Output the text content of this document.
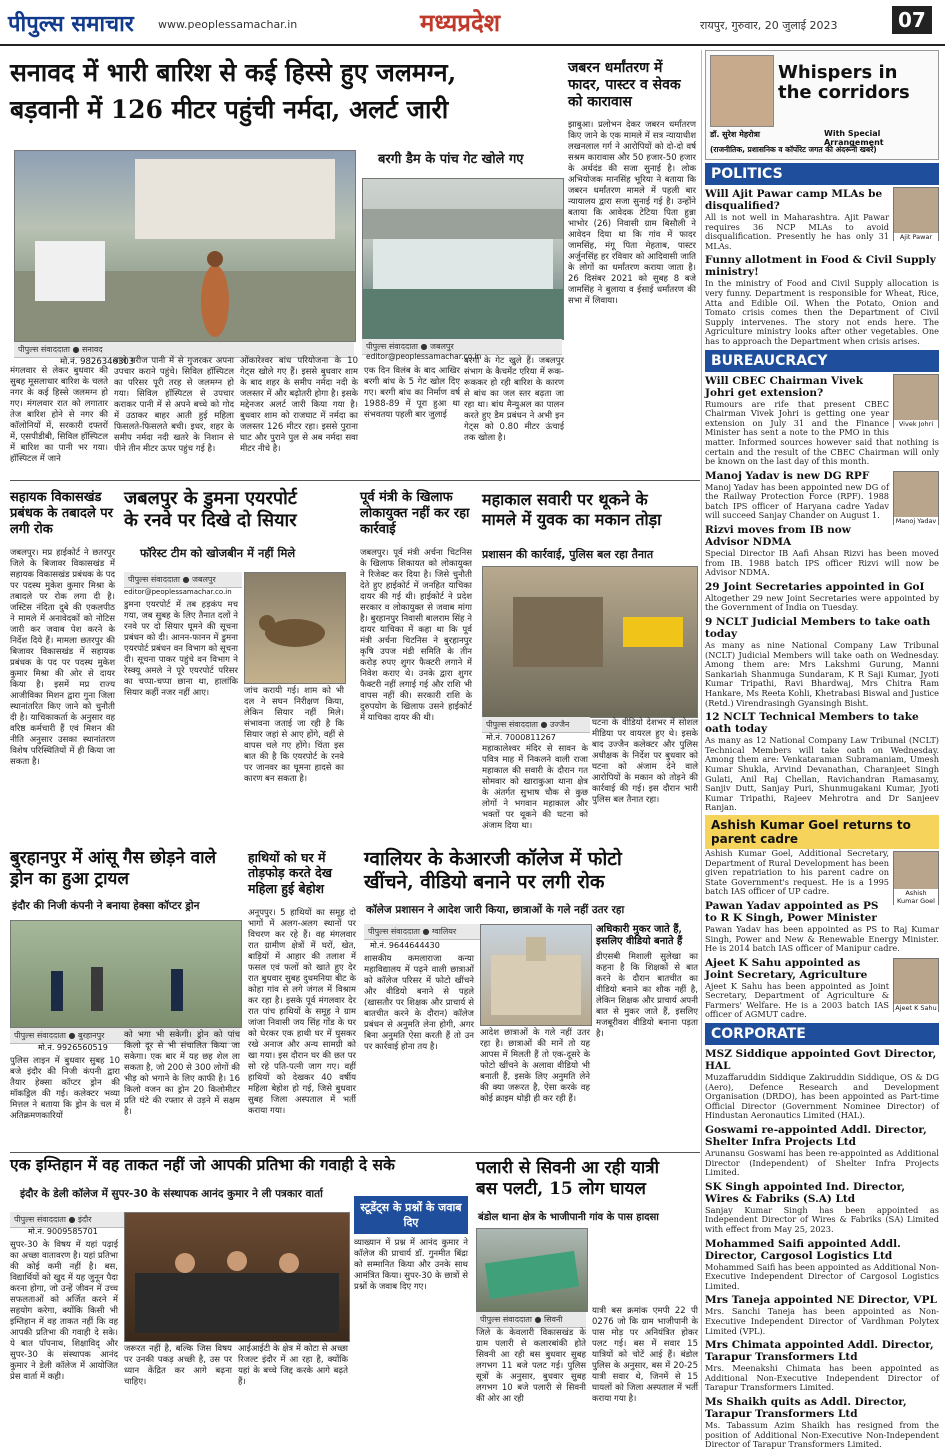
पीपुल्स समाचार www.peoplessamachar.in	मध्यप्रदेश	रायपुर, गुरुवार, 20 जुलाई 2023	07

सनावद में भारी बारिश से कई हिस्से हुए जलमग्न,

बड़वानी में 126 मीटर पहुंची नर्मदा, अलर्ट जारी

बरगी डैम के पांच गेट खोले गए
पीपुल्स संवाददाता ● सनावद
मो.नं. 9826346303
पीपुल्स संवाददाता ● जबलपुर
editor@peoplessamachar.co.in

मंगलवार से लेकर बुधवार की सुबह मूसलाधार बारिश के चलते नगर के कई हिस्से जलमग्न हो गए। मंगलवार रात को लगातार तेज बारिश होने से नगर की कॉलोनियों में, सरकारी दफ्तरों में, एसपीडीबी, सिविल हॉस्पिटल में बारिश का पानी भर गया। हॉस्पिटल में जाने

वाले मरीज पानी में से गुजरकर अपना उपचार कराने पहुंचे। सिविल हॉस्पिटल का परिसर पूरी तरह से जलमग्न हो गया। सिविल हॉस्पिटल से उपचार कराकर पानी में से अपने बच्चे को गोद में उठाकर बाहर आती हुई महिला फिसलते-फिसलते बची। इधर, शहर के समीप नर्मदा नदी खतरे के निशान से पीने तीन मीटर ऊपर पहुंच गई है।

ओंकारेश्वर बांध परियोजना के 10 गेट्स खोले गए हैं। इससे बुधवार शाम के बाद शहर के समीप नर्मदा नदी के जलस्तर में और बढ़ोतरी होगा है। इसके मद्देनजर अलर्ट जारी किया गया है। बुधवार शाम को राजघाट में नर्मदा का जलस्तर 126 मीटर रहा। इससे पुराना घाट और पुराने पुल से अब नर्मदा सवा मीटर नीचे है।

एक दिन विलंब के बाद आखिर बरगी बांध के 5 गेट खोल दिए गए। बरगी बांध का निर्माण वर्ष 1988-89 में पूरा हुआ था संभवतया पहली बार जुलाई

बरगी के गेट खुले हैं। जबलपुर संभाग के कैचमेंट एरिया में रूक-रूककर हो रही बारिश के कारण से बांध का जल स्तर बढ़ता जा रहा था। बांध मैन्युअल का पालन करते हुए डैम प्रबंधन ने अभी इन गेट्स को 0.80 मीटर ऊंचाई तक खोला है।

जबरन धर्मांतरण में फादर, पास्टर व सेवक को कारावास

झाबुआ। प्रलोभन देकर जबरन धर्मांतरण किए जाने के एक मामले में सत्र न्यायाधीश लखनलाल गर्ग ने आरोपियों को दो-दो वर्ष सश्रम कारावास और 50 हजार-50 हजार के अर्थदंड की सजा सुनाई है। लोक अभियोजक मानसिंह भूरिया ने बताया कि जबरन धर्मांतरण मामले में पहली बार न्यायालय द्वारा सजा सुनाई गई है। उन्होंने बताया कि आवेदक टेटिया पिता हुन्ना भाभोर (26) निवासी ग्राम बिसौली ने आवेदन दिया था कि गांव में फादर जामसिंह, मंगू पिता मेहताब, पास्टर अर्जुनसिंह हर रविवार को आदिवासी जाति के लोगों का धर्मांतरण कराया जाता है। 26 दिसंबर 2021 को सुबह 8 बजे जामसिंह ने बुलाया व ईसाई धर्मांतरण की सभा में लिवाया।

सहायक विकासखंड प्रबंधक के तबादले पर लगी रोक

जबलपुर। मप्र हाईकोर्ट ने छतरपुर जिले के बिजावर विकासखंड में सहायक विकासखंड प्रबंधक के पद पर पदस्थ मुकेश कुमार मिश्रा के तबादले पर रोक लगा दी है। जस्टिस नंदिता दुबे की एकलपीठ ने मामले में अनावेदकों को नोटिस जारी कर जवाब पेश करने के निर्देश दिये हैं। मामला छतरपुर की बिजावर विकासखंड में सहायक प्रबंधक के पद पर पदस्थ मुकेश कुमार मिश्रा की ओर से दायर किया है। इसमें मप्र राज्य आजीविका मिशन द्वारा गुना जिला स्थानांतरित किए जाने को चुनौती दी है। याचिकाकर्ता के अनुसार वह वरिष्ठ कर्मचारी हैं एवं मिशन की नीति अनुसार उसका स्थानांतरण विशेष परिस्थितियों में ही किया जा सकता है।

जबलपुर के डुमना एयरपोर्ट

के रनवे पर दिखे दो सियार

फॉरेस्ट टीम को खोजबीन में नहीं मिले
पीपुल्स संवाददाता ● जबलपुर
editor@peoplessamachar.co.in

डुमना एयरपोर्ट में तब हड़कंप मच गया, जब सुबह के लिए तैनात दलों ने रनवे पर दो सियार घूमने की सूचना प्रबंधन को दी। आनन-फानन में डुमना एयरपोर्ट प्रबंधन वन विभाग को सूचना दी। सूचना पाकर पहुंचे वन विभाग ने रेस्क्यू अमले ने पूरे एयरपोर्ट परिसर का चप्पा-चप्पा छाना था, हालांकि सियार कहीं नजर नहीं आए।	जांच करायी गई। शाम को भी दल ने सघन निरीक्षण किया, लेकिन सियार नहीं मिले। संभावना जताई जा रही है कि सियार जहां से आए होंगे, वहीं से वापस चले गए होंगे। चिंता इस बात की है कि एयरपोर्ट के रनवे पर जानवर का घूमना हादसे का कारण बन सकता है।

पूर्व मंत्री के खिलाफ लोकायुक्त नहीं कर रहा कार्रवाई

जबलपुर। पूर्व मंत्री अर्चना चिटनिस के खिलाफ शिकायत को लोकायुक्त ने रिजेक्ट कर दिया है। जिसे चुनौती देते हुए हाईकोर्ट में जनहित याचिका दायर की गई थी। हाईकोर्ट ने प्रदेश सरकार व लोकायुक्त से जवाब मांगा है। बुरहानपुर निवासी बालराम सिंह ने दायर याचिका में कहा था कि पूर्व मंत्री अर्चना चिटनिस ने बुरहानपुर कृषि उपज मंडी समिति के तीन करोड़ रुपए शुगर फैक्टरी लगाने में निवेश कराए थे। उनके द्वारा शुगर फैक्टरी नहीं लगाई गई और राशि भी वापस नहीं की। सरकारी राशि के दुरुपयोग के खिलाफ उसने हाईकोर्ट में याचिका दायर की थी।

महाकाल सवारी पर थूकने के

मामले में युवक का मकान तोड़ा

प्रशासन की कार्रवाई, पुलिस बल रहा तैनात
पीपुल्स संवाददाता ● उज्जैन
मो.नं. 7000811267

महाकालेश्वर मंदिर से सावन के पवित्र माह में निकलने वाली राजा महाकाल की सवारी के दौरान गत सोमवार को खाराकुआ थाना क्षेत्र के अंतर्गत सुभाष चौक से कुछ लोगों ने भगवान महाकाल और भक्तों पर थूकने की घटना को अंजाम दिया था।

घटना के वीडियो देशभर में सोशल मीडिया पर वायरल हुए थे। इसके बाद उज्जैन कलेक्टर और पुलिस अधीक्षक के निर्देश पर बुधवार को घटना को अंजाम देने वाले आरोपियों के मकान को तोड़ने की कार्रवाई की गई। इस दौरान भारी पुलिस बल तैनात रहा।

बुरहानपुर में आंसू गैस छोड़ने वाले ड्रोन का हुआ ट्रायल

इंदौर की निजी कंपनी ने बनाया हेक्सा कॉप्टर ड्रोन
पीपुल्स संवाददाता ● बुरहानपुर
मो.नं. 9926560519

पुलिस लाइन में बुधवार सुबह 10 बजे इंदौर की निजी कंपनी द्वारा तैयार हेक्सा कॉप्टर ड्रोन की मॉकड्रिल की गई। कलेक्टर भव्या मित्तल ने बताया कि ड्रोन के चल में अतिक्रमणकारियों

को भगा भी सकेगी। ड्रोन को पांच किलो दूर से भी संचालित किया जा सकेगा। एक बार में यह छह शेल ला सकता है, जो 200 से 300 लोगों की भीड़ को भगाने के लिए काफी है। 16 किलो वजन का ड्रोन 20 किलोमीटर प्रति घंटे की रफ्तार से उड़ने में सक्षम है।

हाथियों को घर में तोड़फोड़ करते देख महिला हुई बेहोश

अनूपपुर। 5 हाथियों का समूह दो भागों में अलग-अलग स्थानों पर विचरण कर रहे हैं। वह मंगलवार रात ग्रामीण क्षेत्रों में घरों, खेत, बाड़ियों में आहार की तलाश में फसल एवं फलों को खाते हुए देर रात बुधवार सुबह दुधमनिया बीट के कोहा गांव से लगे जंगल में विश्राम कर रहा है। इसके पूर्व मंगलवार देर रात पांच हाथियों के समूह ने ग्राम जांजा निवासी जय सिंह गोंड के घर को घेरकर एक हाथी घर में घुसकर रखे अनाज और अन्य सामग्री को खा गया। इस दौरान घर की छत पर सो रहे पति-पत्नी जाग गए। वहीं हाथियों को देखकर 40 वर्षीय महिला बेहोश हो गई, जिसे बुधवार सुबह जिला अस्पताल में भर्ती कराया गया।

ग्वालियर के केआरजी कॉलेज में फोटो

खींचने, वीडियो बनाने पर लगी रोक

कॉलेज प्रशासन ने आदेश जारी किया, छात्राओं के गले नहीं उतर रहा
पीपुल्स संवाददाता ● ग्वालियर
मो.नं. 9644644430

शासकीय कमलाराजा कन्या महाविद्यालय में पढ़ने वाली छात्राओं को कॉलेज परिसर में फोटो खींचने और वीडियो बनाने से पहले (खासतौर पर शिक्षक और प्राचार्य से बातचीत करने के दौरान) कॉलेज प्रबंधन से अनुमति लेना होगी, अगर बिना अनुमति ऐसा करती हैं तो उन पर कार्रवाई होना तय है।

आदेश छात्राओं के गले नहीं उतर रहा है। छात्राओं की मानें तो यह आपस में मिलती हैं तो एक-दूसरे के फोटो खींचने के अलावा वीडियो भी बनाती हैं, इसके लिए अनुमति लेने की क्या जरूरत है, ऐसा करके वह कोई क्राइम थोड़ी ही कर रही हैं।

अधिकारी मुकर जाते हैं, इसलिए वीडियो बनाते हैं

डीएसबी मिशाली सुलेखा का कहना है कि शिक्षकों से बात करने के दौरान बातचीत का वीडियो बनाने का शौक नहीं है, लेकिन शिक्षक और प्राचार्य अपनी बात से मुकर जाते हैं, इसलिए मजबूरीवश वीडियो बनाना पड़ता है।

एक इम्तिहान में वह ताकत नहीं जो आपकी प्रतिभा की गवाही दे सके

इंदौर के डेली कॉलेज में सुपर-30 के संस्थापक आनंद कुमार ने ली पत्रकार वार्ता
पीपुल्स संवाददाता ● इंदौर
मो.नं. 9009585701

सुपर-30 के विषय में यहां पढ़ाई का अच्छा वातावरण है। यहां प्रतिभा की कोई कमी नहीं है। बस, विद्यार्थियों को खुद में यह जुनून पैदा करना होगा, जो उन्हें जीवन में उच्च सफलताओं को अर्जित करने में सहयोग करेगा, क्योंकि किसी भी इम्तिहान में वह ताकत नहीं कि वह आपकी प्रतिभा की गवाही दे सके। ये बात पॉपनाथ, शिक्षाविद् और सुपर-30 के संस्थापक आनंद कुमार ने डेली कॉलेज में आयोजित प्रेस वार्ता में कही।

जरूरत नहीं है, बल्कि जिस विषय पर उनकी पकड़ अच्छी है, उस पर ध्यान केंद्रित कर आगे बढ़ना चाहिए।

आईआईटी के क्षेत्र में कोटा से अच्छा रिजल्ट इंदौर में आ रहा है, क्योंकि यहां के बच्चे जिद्द करके आगे बढ़ते हैं।

स्टूडेंट्स के प्रश्नों के जवाब दिए

व्याख्यान में प्रश्न में आनंद कुमार ने कॉलेज की प्राचार्य डॉ. गुनमीत बिंद्रा को सम्मानित किया और उनके साथ आमंत्रित किया। सुपर-30 के छात्रों से प्रश्नों के जवाब दिए गए।

पलारी से सिवनी आ रही यात्री

बस पलटी, 15 लोग घायल

बंडोल थाना क्षेत्र के भाजीपानी गांव के पास हादसा
पीपुल्स संवाददाता ● सिवनी

जिले के केवलारी विकासखंड के ग्राम पलारी से कलारबांकी होते सिवनी आ रही बस बुधवार सुबह लगभग 11 बजे पलट गई। पुलिस सूत्रों के अनुसार, बुधवार सुबह लगभग 10 बजे पलारी से सिवनी की ओर आ रही

यात्री बस क्रमांक एमपी 22 पी 0276 जो कि ग्राम भाजीपानी के पास मोड़ पर अनियंत्रित होकर पलट गई। बस में सवार 15 यात्रियों को चोटें आई हैं। बंडोल पुलिस के अनुसार, बस में 20-25 यात्री सवार थे, जिनमें से 15 घायलों को जिला अस्पताल में भर्ती कराया गया है।

Whispers in the corridors
डॉ. सुरेश मेहरोत्रा	With Special Arrangement
(राजनीतिक, प्रशासनिक व कॉर्पोरेट जगत की अंदरूनी खबरें)
POLITICS
Ajit Pawar

Will Ajit Pawar camp MLAs be disqualified?

All is not well in Maharashtra. Ajit Pawar requires 36 NCP MLAs to avoid disqualification. Presently he has only 31 MLAs.

Funny allotment in Food & Civil Supply ministry!

In the ministry of Food and Civil Supply allocation is very funny. Department is responsible for Wheat, Rice, Atta and Edible Oil. When the Potato, Onion and Tomato crisis comes then the Department of Civil Supply intervenes. The story not ends here. The Agriculture ministry looks after other vegetables. One has to approach the Department when crisis arises.

BUREAUCRACY
Vivek Johri

Will CBEC Chairman Vivek Johri get extension?

Rumours are rife that present CBEC Chairman Vivek Johri is getting one year extension on July 31 and the Finance Minister has sent a note to the PMO in this matter. Informed sources however said that nothing is certain and the result of the CBEC Chairman will only be known on the last day of this month.

Manoj Yadav

Manoj Yadav is new DG RPF

Manoj Yadav has been appointed new DG of the Railway Protection Force (RPF). 1988 batch IPS officer of Haryana cadre Yadav will succeed Sanjay Chander on August 1.

Rizvi moves from IB now Advisor NDMA

Special Director IB Aafi Ahsan Rizvi has been moved from IB. 1988 batch IPS officer Rizvi will now be Advisor NDMA.

29 Joint Secretaries appointed in GoI

Altogether 29 new Joint Secretaries were appointed by the Government of India on Tuesday.

9 NCLT Judicial Members to take oath today

As many as nine National Company Law Tribunal (NCLT) Judicial Members will take oath on Wednesday. Among them are: Mrs Lakshmi Gurung, Manni Sankariah Shanmuga Sundaram, K R Saji Kumar, Jyoti Kumar Tripathi, Ravi Bhardwaj, Mrs Chitra Ram Hankare, Ms Reeta Kohli, Khetrabasi Biswal and Justice (Retd.) Virendrasingh Gyansingh Bisht.

12 NCLT Technical Members to take oath today

As many as 12 National Company Law Tribunal (NCLT) Technical Members will take oath on Wednesday. Among them are: Venkataraman Subramaniam, Umesh Kumar Shukla, Arvind Devanathan, Charanjeet Singh Gulati, Anil Raj Chellan, Ravichandran Ramasamy, Sanjiv Dutt, Sanjay Puri, Shunmugakani Kumar, Jyoti Kumar Tripathi, Rajeev Mehrotra and Dr Sanjeev Ranjan.

Ashish Kumar Goel returns to parent cadre
Ashish Kumar Goel

Ashish Kumar Goel, Additional Secretary, Department of Rural Development has been given repatriation to his parent cadre on State Government's request. He is a 1995 batch IAS officer of UP cadre.

Pawan Yadav appointed as PS to R K Singh, Power Minister

Pawan Yadav has been appointed as PS to Raj Kumar Singh, Power and New & Renewable Energy Minister. He is 2014 batch IAS officer of Manipur cadre.

Ajeet K Sahu

Ajeet K Sahu appointed as Joint Secretary, Agriculture

Ajeet K Sahu has been appointed as Joint Secretary, Department of Agriculture & Farmers' Welfare. He is a 2003 batch IAS officer of AGMUT cadre.

CORPORATE

MSZ Siddique appointed Govt Director, HAL

Muzaffaruddin Siddique Zakiruddin Siddique, OS & DG (Aero), Defence Research and Development Organisation (DRDO), has been appointed as Part-time Official Director (Government Nominee Director) of Hindustan Aeronautics Limited (HAL).

Goswami re-appointed Addl. Director, Shelter Infra Projects Ltd

Arunansu Goswami has been re-appointed as Additional Director (Independent) of Shelter Infra Projects Limited.

SK Singh appointed Ind. Director, Wires & Fabriks (S.A) Ltd

Sanjay Kumar Singh has been appointed as Independent Director of Wires & Fabriks (SA) Limited with effect from May 25, 2023.

Mohammed Saifi appointed Addl. Director, Cargosol Logistics Ltd

Mohammed Saifi has been appointed as Additional Non-Executive Independent Director of Cargosol Logistics Limited.

Mrs Taneja appointed NE Director, VPL

Mrs. Sanchi Taneja has been appointed as Non-Executive Independent Director of Vardhman Polytex Limited (VPL).

Mrs Chimata appointed Addl. Director, Tarapur Transformers Ltd

Mrs. Meenakshi Chimata has been appointed as Additional Non-Executive Independent Director of Tarapur Transformers Limited.

Ms Shaikh quits as Addl. Director, Tarapur Transformers Ltd

Ms. Tabassum Azim Shaikh has resigned from the position of Additional Non-Executive Non-Independent Director of Tarapur Transformers Limited.
